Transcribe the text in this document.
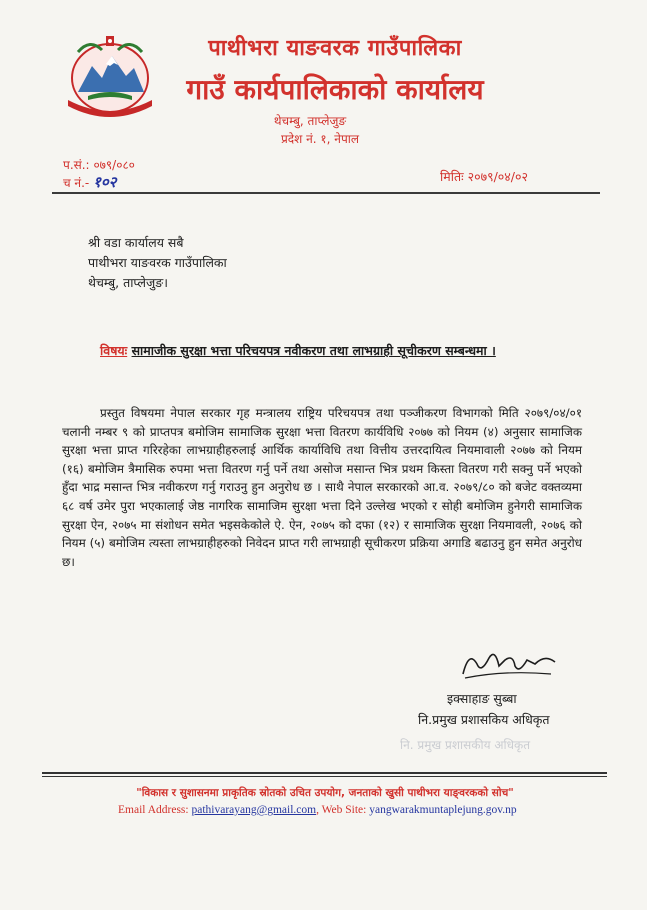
पाथीभरा याङवरक गाउँपालिका
गाउँ कार्यपालिकाको कार्यालय
थेचम्बु, ताप्लेजुङ
प्रदेश नं. १, नेपाल
प.सं.: ०७९/०८०
च नं.- १०२	मितिः २०७९/०४/०२
श्री वडा कार्यालय सबै
पाथीभरा याङवरक गाउँपालिका
थेचम्बु, ताप्लेजुङ।
विषयः सामाजीक सुरक्षा भत्ता परिचयपत्र नवीकरण तथा लाभग्राही सूचीकरण सम्बन्धमा ।
प्रस्तुत विषयमा नेपाल सरकार गृह मन्त्रालय राष्ट्रिय परिचयपत्र तथा पञ्जीकरण विभागको मिति २०७९/०४/०१ चलानी नम्बर ९ को प्राप्तपत्र बमोजिम सामाजिक सुरक्षा भत्ता वितरण कार्यविधि २०७७ को नियम (४) अनुसार सामाजिक सुरक्षा भत्ता प्राप्त गरिरहेका लाभग्राहीहरुलाई आर्थिक कार्याविधि तथा वित्तीय उत्तरदायित्व नियमावाली २०७७ को नियम (१६) बमोजिम त्रैमासिक रुपमा भत्ता वितरण गर्नु पर्ने तथा असोज मसान्त भित्र प्रथम किस्ता वितरण गरी सक्नु पर्ने भएको हुँदा भाद्र मसान्त भित्र नवीकरण गर्नु गराउनु हुन अनुरोध छ । साथै नेपाल सरकारको आ.व. २०७९/८० को बजेट वक्तव्यमा ६८ वर्ष उमेर पुरा भएकालाई जेष्ठ नागरिक सामाजिम सुरक्षा भत्ता दिने उल्लेख भएको र सोही बमोजिम हुनेगरी सामाजिक सुरक्षा ऐन, २०७५ मा संशोधन समेत भइसकेकोले ऐ. ऐन, २०७५ को दफा (१२) र सामाजिक सुरक्षा नियमावली, २०७६ को नियम (५) बमोजिम त्यस्ता लाभग्राहीहरुको निवेदन प्राप्त गरी लाभग्राही सूचीकरण प्रक्रिया अगाडि बढाउनु हुन समेत अनुरोध छ।
इक्साहाङ सुब्बा
नि.प्रमुख प्रशासकिय अधिकृत
नि. प्रमुख प्रशासकीय अधिकृत
"विकास र सुशासनमा प्राकृतिक स्रोतको उचित उपयोग, जनताको खुसी पाथीभरा याङ्वरकको सोच"
Email Address: pathivarayang@gmail.com, Web Site: yangwarakmuntaplejung.gov.np
